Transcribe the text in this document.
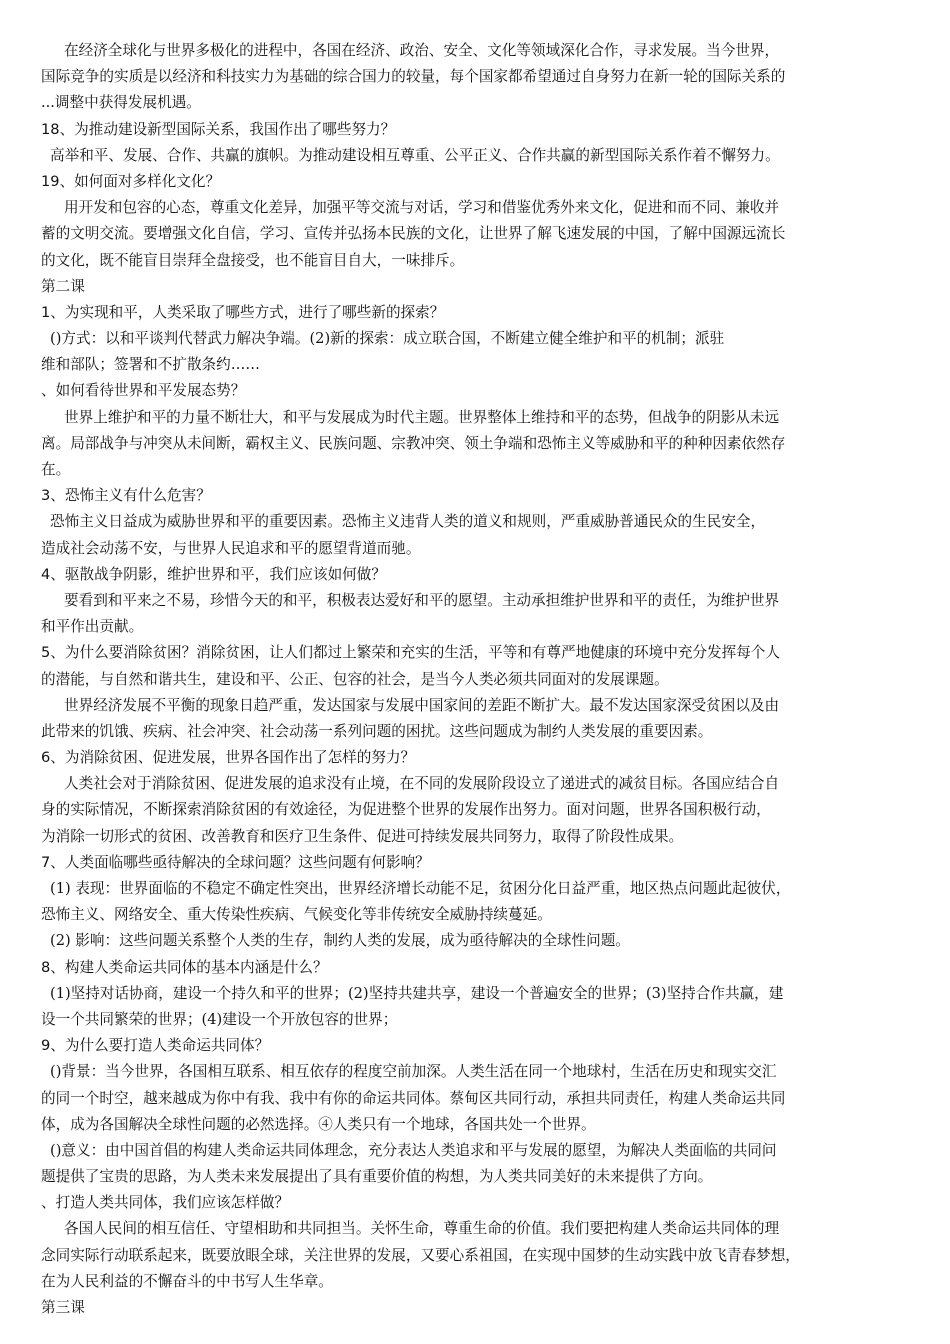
在经济全球化与世界多极化的进程中，各国在经济、政治、安全、文化等领域深化合作，寻求发展。当今世界，
国际竞争的实质是以经济和科技实力为基础的综合国力的较量，每个国家都希望通过自身努力在新一轮的国际关系的
...调整中获得发展机遇。
18、为推动建设新型国际关系，我国作出了哪些努力？
高举和平、发展、合作、共赢的旗帜。为推动建设相互尊重、公平正义、合作共赢的新型国际关系作着不懈努力。
19、如何面对多样化文化？
用开发和包容的心态，尊重文化差异，加强平等交流与对话，学习和借鉴优秀外来文化，促进和而不同、兼收并
蓄的文明交流。要增强文化自信，学习、宣传并弘扬本民族的文化，让世界了解飞速发展的中国，了解中国源远流长
的文化，既不能盲目崇拜全盘接受，也不能盲目自大，一味排斥。
第二课
1、为实现和平，人类采取了哪些方式，进行了哪些新的探索？
()方式：以和平谈判代替武力解决争端。(2)新的探索：成立联合国，不断建立健全维护和平的机制；派驻
维和部队；签署和不扩散条约……
、如何看待世界和平发展态势？
世界上维护和平的力量不断壮大，和平与发展成为时代主题。世界整体上维持和平的态势，但战争的阴影从未远
离。局部战争与冲突从未间断，霸权主义、民族问题、宗教冲突、领土争端和恐怖主义等威胁和平的种种因素依然存
在。
3、恐怖主义有什么危害？
恐怖主义日益成为威胁世界和平的重要因素。恐怖主义违背人类的道义和规则，严重威胁普通民众的生民安全，
造成社会动荡不安，与世界人民追求和平的愿望背道而驰。
4、驱散战争阴影，维护世界和平，我们应该如何做？
要看到和平来之不易，珍惜今天的和平，积极表达爱好和平的愿望。主动承担维护世界和平的责任，为维护世界
和平作出贡献。
5、为什么要消除贫困？消除贫困，让人们都过上繁荣和充实的生活，平等和有尊严地健康的环境中充分发挥每个人
的潜能，与自然和谐共生，建设和平、公正、包容的社会，是当今人类必须共同面对的发展课题。
世界经济发展不平衡的现象日趋严重，发达国家与发展中国家间的差距不断扩大。最不发达国家深受贫困以及由
此带来的饥饿、疾病、社会冲突、社会动荡一系列问题的困扰。这些问题成为制约人类发展的重要因素。
6、为消除贫困、促进发展，世界各国作出了怎样的努力？
人类社会对于消除贫困、促进发展的追求没有止境，在不同的发展阶段设立了递进式的减贫目标。各国应结合自
身的实际情况，不断探索消除贫困的有效途径，为促进整个世界的发展作出努力。面对问题，世界各国积极行动，
为消除一切形式的贫困、改善教育和医疗卫生条件、促进可持续发展共同努力，取得了阶段性成果。
7、人类面临哪些亟待解决的全球问题？这些问题有何影响？
(1) 表现：世界面临的不稳定不确定性突出，世界经济增长动能不足，贫困分化日益严重，地区热点问题此起彼伏，
恐怖主义、网络安全、重大传染性疾病、气候变化等非传统安全威胁持续蔓延。
(2) 影响：这些问题关系整个人类的生存，制约人类的发展，成为亟待解决的全球性问题。
8、构建人类命运共同体的基本内涵是什么？
(1)坚持对话协商，建设一个持久和平的世界；(2)坚持共建共享，建设一个普遍安全的世界；(3)坚持合作共赢，建
设一个共同繁荣的世界；(4)建设一个开放包容的世界；
9、为什么要打造人类命运共同体？
()背景：当今世界，各国相互联系、相互依存的程度空前加深。人类生活在同一个地球村，生活在历史和现实交汇
的同一个时空，越来越成为你中有我、我中有你的命运共同体。蔡甸区共同行动，承担共同责任，构建人类命运共同
体，成为各国解决全球性问题的必然选择。④人类只有一个地球，各国共处一个世界。
()意义：由中国首倡的构建人类命运共同体理念，充分表达人类追求和平与发展的愿望，为解决人类面临的共同问
题提供了宝贵的思路，为人类未来发展提出了具有重要价值的构想，为人类共同美好的未来提供了方向。
、打造人类共同体，我们应该怎样做？
各国人民间的相互信任、守望相助和共同担当。关怀生命，尊重生命的价值。我们要把构建人类命运共同体的理
念同实际行动联系起来，既要放眼全球，关注世界的发展，又要心系祖国，在实现中国梦的生动实践中放飞青春梦想，
在为人民利益的不懈奋斗的中书写人生华章。
第三课
